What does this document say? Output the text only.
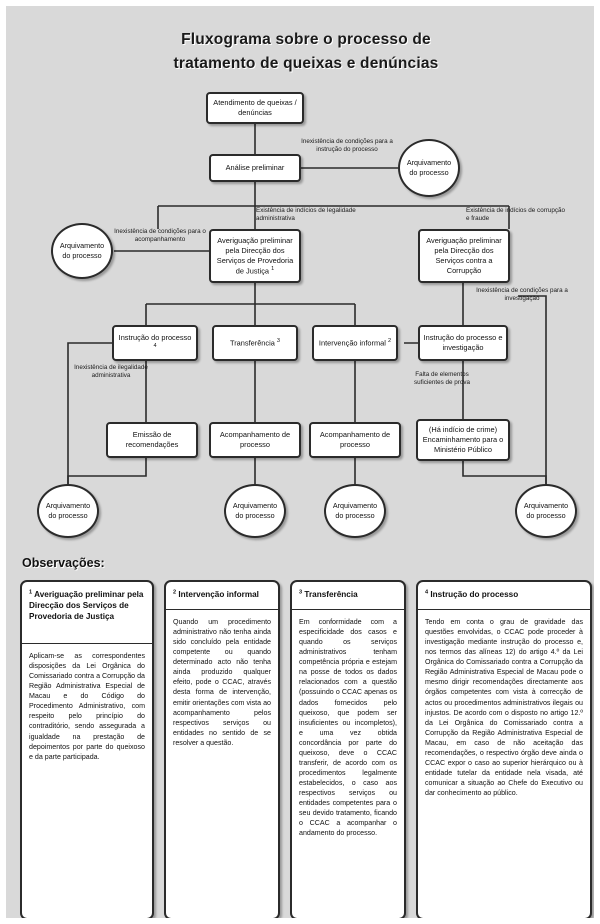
Fluxograma sobre o processo de
tratamento de queixas e denúncias
Atendimento de queixas / denúncias
Análise preliminar
Arquivamento do processo
Arquivamento do processo
Averiguação preliminar pela Direcção dos Serviços de Provedoria de Justiça $^1$
Averiguação preliminar pela Direcção dos Serviços contra a Corrupção
Instrução do processo $^4$	Transferência $^3$	Intervenção informal $^2$	Instrução do processo e investigação
Emissão de recomendações
Acompanhamento de processo
Acompanhamento de processo
(Há indício de crime) Encaminhamento para o Ministério Público
Arquivamento do processo
Arquivamento do processo
Arquivamento do processo
Arquivamento do processo
Inexistência de condições para a instrução do processo
Existência de indícios de legalidade administrativa
Existência de indícios de corrupção e fraude
Inexistência de condições para o acompanhamento
Inexistência de condições para a investigação
Inexistência de ilegalidade administrativa	Falta de elementos suficientes de prova
Observações:
$^1$ Averiguação preliminar pela Direcção dos Serviços de Provedoria de Justiça
Aplicam-se as correspondentes disposições da Lei Orgânica do Comissariado contra a Corrupção da Região Administrativa Especial de Macau e do Código do Procedimento Administrativo, com respeito pelo princípio do contraditório, sendo assegurada a igualdade na prestação de depoimentos por parte do queixoso e da parte participada.
$^2$ Intervenção informal
Quando um procedimento administrativo não tenha ainda sido concluído pela entidade competente ou quando determinado acto não tenha ainda produzido qualquer efeito, pode o CCAC, através desta forma de intervenção, emitir orientações com vista ao acompanhamento pelos respectivos serviços ou entidades no sentido de se resolver a questão.
$^3$ Transferência
Em conformidade com a especificidade dos casos e quando os serviços administrativos tenham competência própria e estejam na posse de todos os dados relacionados com a questão (possuindo o CCAC apenas os dados fornecidos pelo queixoso, que podem ser insuficientes ou incompletos), e uma vez obtida concordância por parte do queixoso, deve o CCAC transferir, de acordo com os procedimentos legalmente estabelecidos, o caso aos respectivos serviços ou entidades competentes para o seu devido tratamento, ficando o CCAC a acompanhar o andamento do processo.
$^4$ Instrução do processo
Tendo em conta o grau de gravidade das questões envolvidas, o CCAC pode proceder à investigação mediante instrução do processo e, nos termos das alíneas 12) do artigo 4.º da Lei Orgânica do Comissariado contra a Corrupção da Região Administrativa Especial de Macau pode o mesmo dirigir recomendações directamente aos órgãos competentes com vista à correcção de actos ou procedimentos administrativos ilegais ou injustos. De acordo com o disposto no artigo 12.º da Lei Orgânica do Comissariado contra a Corrupção da Região Administrativa Especial de Macau, em caso de não aceitação das recomendações, o respectivo órgão deve ainda o CCAC expor o caso ao superior hierárquico ou à entidade tutelar da entidade nela visada, até comunicar a situação ao Chefe do Executivo ou dar conhecimento ao público.
